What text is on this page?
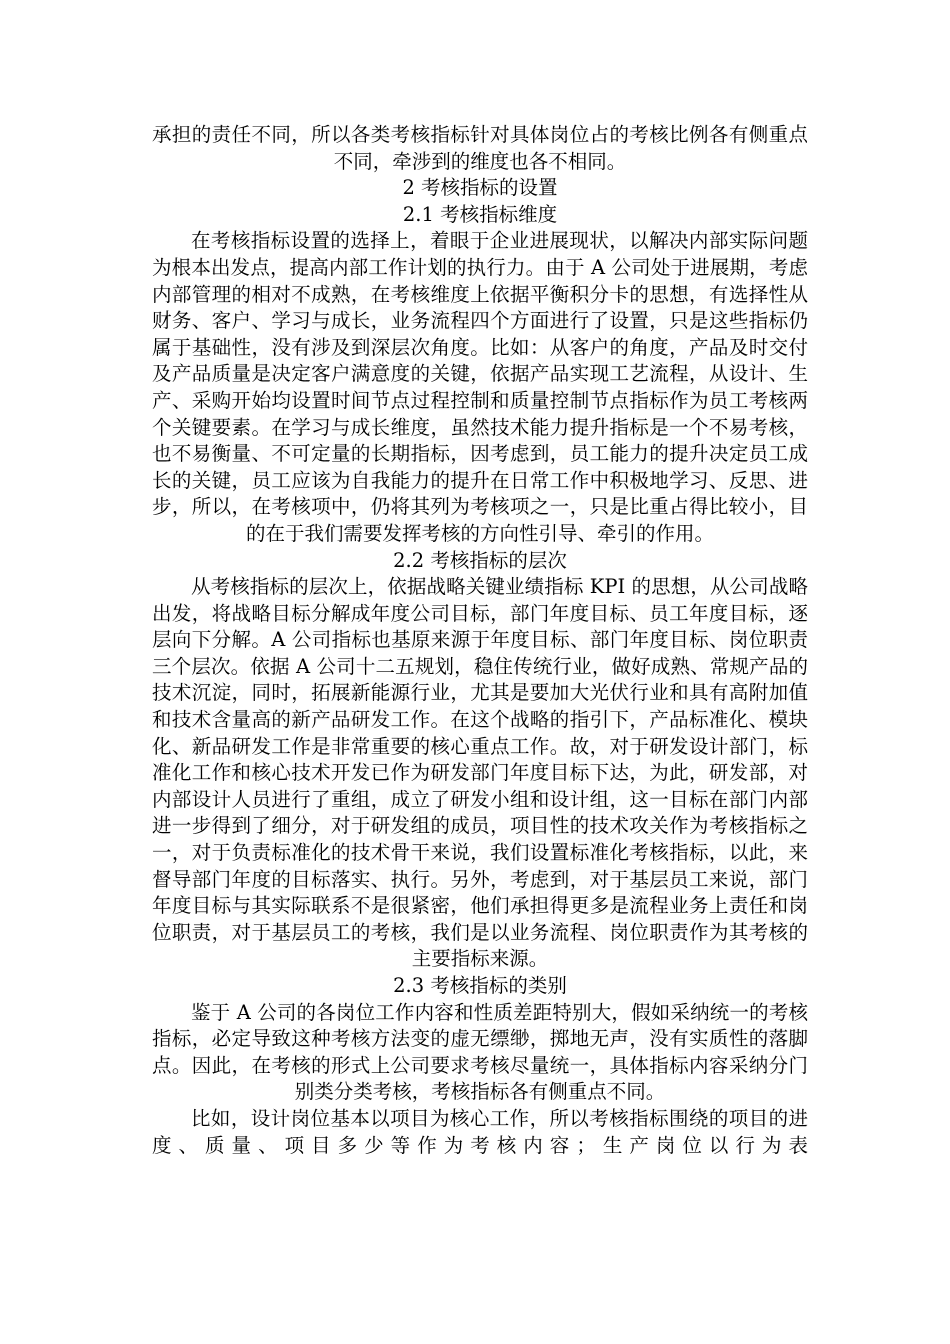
承担的责任不同，所以各类考核指标针对具体岗位占的考核比例各有侧重点不同，牵涉到的维度也各不相同。

2 考核指标的设置

2.1 考核指标维度

在考核指标设置的选择上，着眼于企业进展现状，以解决内部实际问题为根本出发点，提高内部工作计划的执行力。由于 A 公司处于进展期，考虑内部管理的相对不成熟，在考核维度上依据平衡积分卡的思想，有选择性从财务、客户、学习与成长，业务流程四个方面进行了设置，只是这些指标仍属于基础性，没有涉及到深层次角度。比如：从客户的角度，产品及时交付及产品质量是决定客户满意度的关键，依据产品实现工艺流程，从设计、生产、采购开始均设置时间节点过程控制和质量控制节点指标作为员工考核两个关键要素。在学习与成长维度，虽然技术能力提升指标是一个不易考核，也不易衡量、不可定量的长期指标，因考虑到，员工能力的提升决定员工成长的关键，员工应该为自我能力的提升在日常工作中积极地学习、反思、进步，所以，在考核项中，仍将其列为考核项之一，只是比重占得比较小，目的在于我们需要发挥考核的方向性引导、牵引的作用。

2.2 考核指标的层次

从考核指标的层次上，依据战略关键业绩指标 KPI 的思想，从公司战略出发，将战略目标分解成年度公司目标，部门年度目标、员工年度目标，逐层向下分解。A 公司指标也基原来源于年度目标、部门年度目标、岗位职责三个层次。依据 A 公司十二五规划，稳住传统行业，做好成熟、常规产品的技术沉淀，同时，拓展新能源行业，尤其是要加大光伏行业和具有高附加值和技术含量高的新产品研发工作。在这个战略的指引下，产品标准化、模块化、新品研发工作是非常重要的核心重点工作。故，对于研发设计部门，标准化工作和核心技术开发已作为研发部门年度目标下达，为此，研发部，对内部设计人员进行了重组，成立了研发小组和设计组，这一目标在部门内部进一步得到了细分，对于研发组的成员，项目性的技术攻关作为考核指标之一，对于负责标准化的技术骨干来说，我们设置标准化考核指标，以此，来督导部门年度的目标落实、执行。另外，考虑到，对于基层员工来说，部门年度目标与其实际联系不是很紧密，他们承担得更多是流程业务上责任和岗位职责，对于基层员工的考核，我们是以业务流程、岗位职责作为其考核的主要指标来源。

2.3 考核指标的类别

鉴于 A 公司的各岗位工作内容和性质差距特别大，假如采纳统一的考核指标，必定导致这种考核方法变的虚无缥缈，掷地无声，没有实质性的落脚点。因此，在考核的形式上公司要求考核尽量统一，具体指标内容采纳分门别类分类考核，考核指标各有侧重点不同。

比如，设计岗位基本以项目为核心工作，所以考核指标围绕的项目的进度、质量、项目多少等作为考核内容；生产岗位以行为表
